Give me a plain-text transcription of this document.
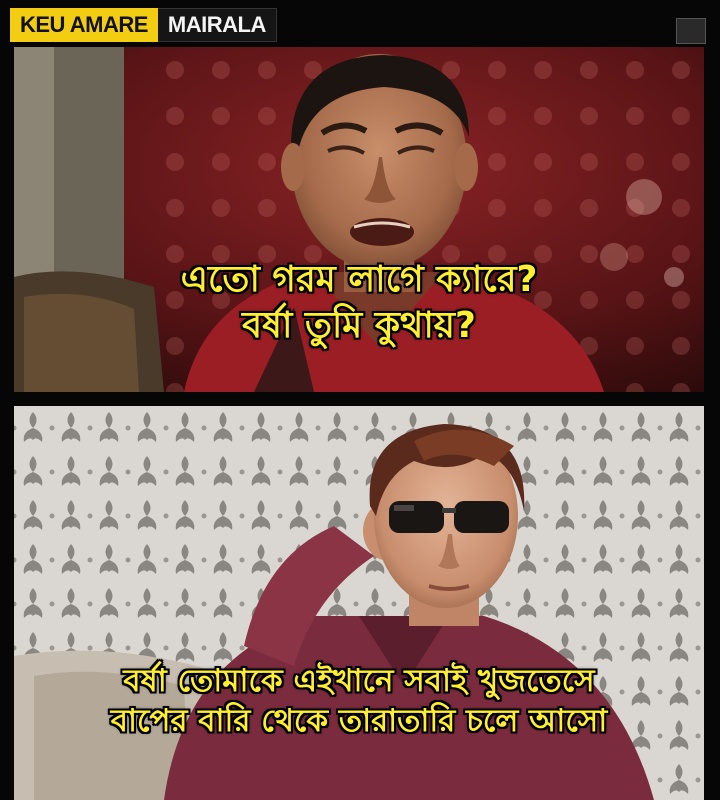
KEU AMARE MAIRALA
এতো গরম লাগে ক্যারে?
বর্ষা তুমি কুথায়?
বর্ষা তোমাকে এইখানে সবাই খুজতেসে
বাপের বারি থেকে তারাতারি চলে আসো
